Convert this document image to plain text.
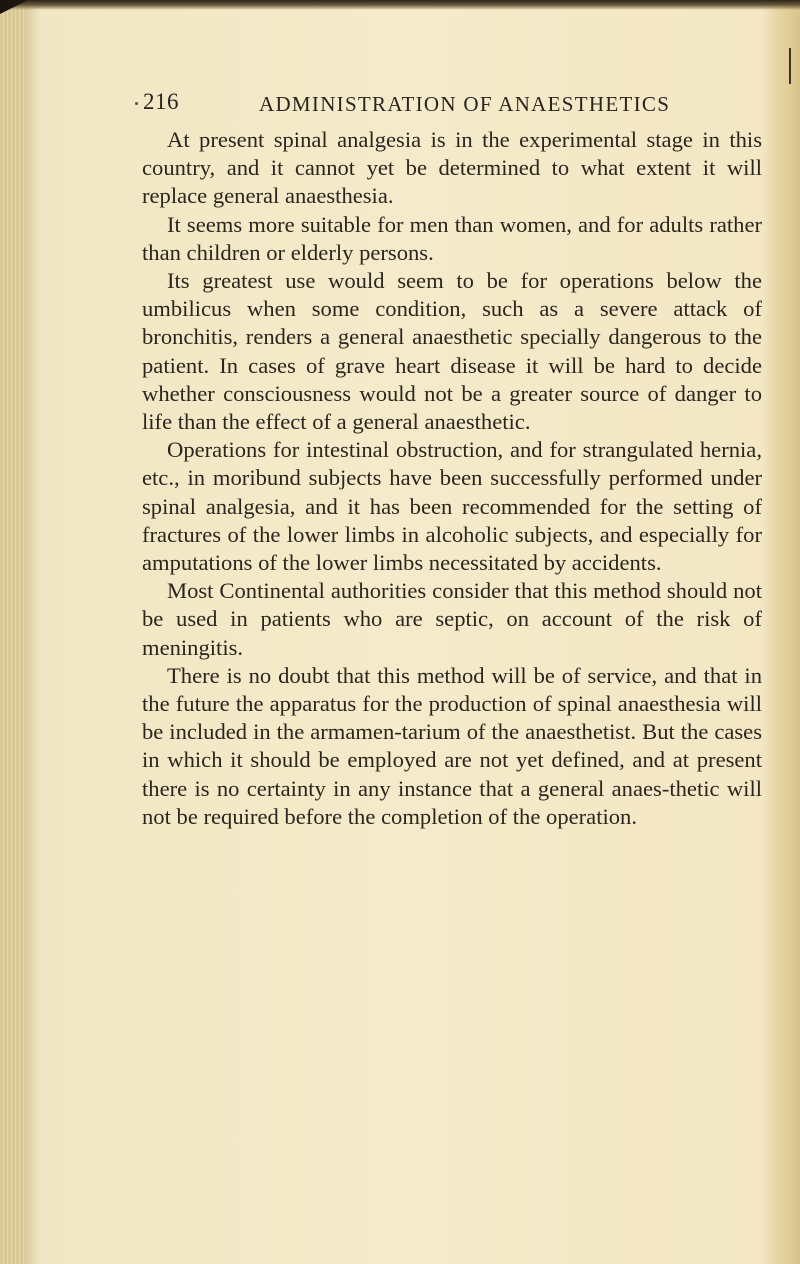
216	ADMINISTRATION OF ANAESTHETICS

At present spinal analgesia is in the experimental stage in this country, and it cannot yet be determined to what extent it will replace general anaesthesia.

It seems more suitable for men than women, and for adults rather than children or elderly persons.

Its greatest use would seem to be for operations below the umbilicus when some condition, such as a severe attack of bronchitis, renders a general anaesthetic specially dangerous to the patient. In cases of grave heart disease it will be hard to decide whether consciousness would not be a greater source of danger to life than the effect of a general anaesthetic.

Operations for intestinal obstruction, and for strangulated hernia, etc., in moribund subjects have been successfully performed under spinal analgesia, and it has been recommended for the setting of fractures of the lower limbs in alcoholic subjects, and especially for amputations of the lower limbs necessitated by accidents.

Most Continental authorities consider that this method should not be used in patients who are septic, on account of the risk of meningitis.

There is no doubt that this method will be of service, and that in the future the apparatus for the production of spinal anaesthesia will be included in the armamen-tarium of the anaesthetist. But the cases in which it should be employed are not yet defined, and at present there is no certainty in any instance that a general anaes-thetic will not be required before the completion of the operation.
